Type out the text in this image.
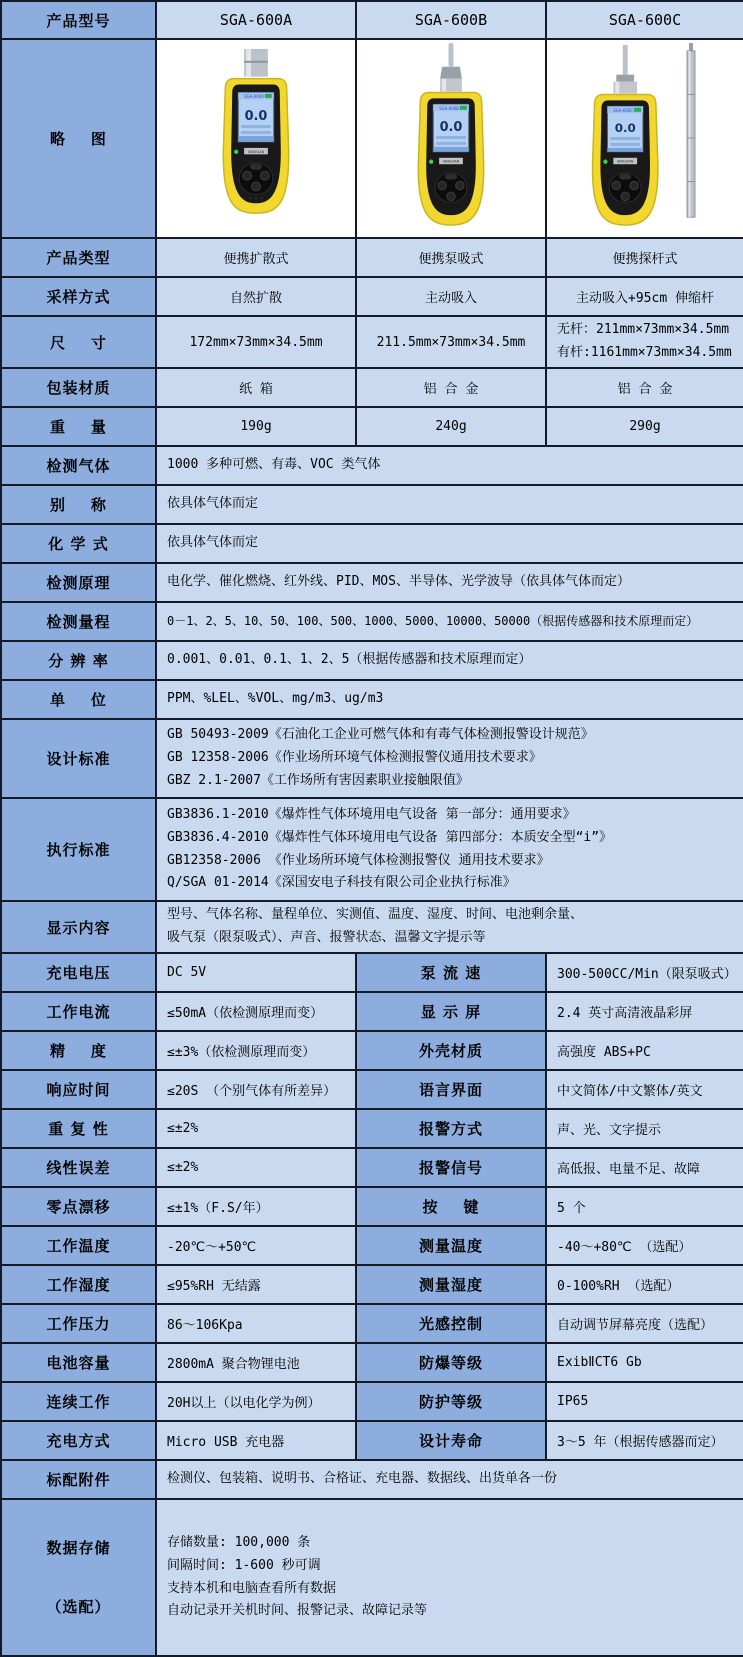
产品型号	SGA-600A	SGA-600B	SGA-600C
略    图	SGA-600A
0.0
SINGOAN	SGA-600B
0.0
SINGOAN	SGA-600C
0.0
SINGOAN

产品类型	便携扩散式	便携泵吸式	便携探杆式
采样方式	自然扩散	主动吸入	主动吸入+95cm 伸缩杆
尺    寸	172mm×73mm×34.5mm	211.5mm×73mm×34.5mm	无杆：211mm×73mm×34.5mm
有杆:1161mm×73mm×34.5mm

包装材质	纸 箱	铝 合 金	铝 合 金
重    量	190g	240g	290g
检测气体	1000 多种可燃、有毒、VOC 类气体		

别    称	依具体气体而定		

化 学 式	依具体气体而定		

检测原理	电化学、催化燃烧、红外线、PID、MOS、半导体、光学波导（依具体气体而定）		

检测量程	0－1、2、5、10、50、100、500、1000、5000、10000、50000（根据传感器和技术原理而定）		

分 辨 率	0.001、0.01、0.1、1、2、5（根据传感器和技术原理而定）		

单    位	PPM、%LEL、%VOL、mg/m3、ug/m3		

设计标准	GB 50493-2009《石油化工企业可燃气体和有毒气体检测报警设计规范》
GB 12358-2006《作业场所环境气体检测报警仪通用技术要求》
GBZ 2.1-2007《工作场所有害因素职业接触限值》		

执行标准	GB3836.1-2010《爆炸性气体环境用电气设备 第一部分：通用要求》
GB3836.4-2010《爆炸性气体环境用电气设备 第四部分：本质安全型“i”》
GB12358-2006 《作业场所环境气体检测报警仪 通用技术要求》
Q/SGA 01-2014《深国安电子科技有限公司企业执行标准》		

显示内容	型号、气体名称、量程单位、实测值、温度、湿度、时间、电池剩余量、
吸气泵（限泵吸式）、声音、报警状态、温馨文字提示等		

充电电压	DC 5V	泵 流 速	300-500CC/Min（限泵吸式）
工作电流	≤50mA（依检测原理而变）	显 示 屏	2.4 英寸高清液晶彩屏
精    度	≤±3%（依检测原理而变）	外壳材质	高强度 ABS+PC
响应时间	≤20S （个别气体有所差异）	语言界面	中文简体/中文繁体/英文
重 复 性	≤±2%	报警方式	声、光、文字提示
线性误差	≤±2%	报警信号	高低报、电量不足、故障
零点漂移	≤±1%（F.S/年）	按    键	5 个
工作温度	-20℃～+50℃	测量温度	-40～+80℃ （选配）
工作湿度	≤95%RH 无结露	测量湿度	0-100%RH （选配）
工作压力	86～106Kpa	光感控制	自动调节屏幕亮度（选配）
电池容量	2800mA 聚合物锂电池	防爆等级	ExibⅡCT6 Gb
连续工作	20H以上（以电化学为例）	防护等级	IP65
充电方式	Micro USB 充电器	设计寿命	3～5 年（根据传感器而定）
标配附件	检测仪、包装箱、说明书、合格证、充电器、数据线、出货单各一份		

数据存储

（选配）

存储数量: 100,000 条
间隔时间: 1-600 秒可调
支持本机和电脑查看所有数据
自动记录开关机时间、报警记录、故障记录等
